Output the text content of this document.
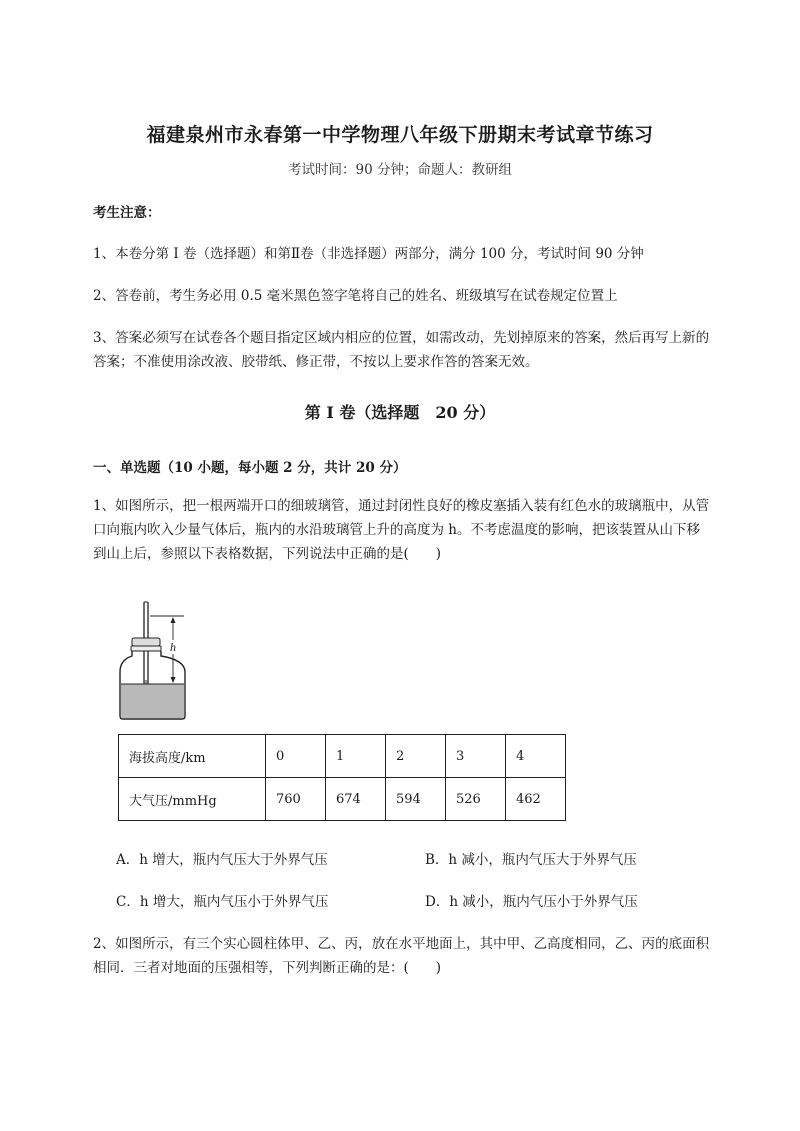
福建泉州市永春第一中学物理八年级下册期末考试章节练习
考试时间：90 分钟；命题人：教研组
考生注意：
1、本卷分第 I 卷（选择题）和第Ⅱ卷（非选择题）两部分，满分 100 分，考试时间 90 分钟
2、答卷前，考生务必用 0.5 毫米黑色签字笔将自己的姓名、班级填写在试卷规定位置上
3、答案必须写在试卷各个题目指定区域内相应的位置，如需改动，先划掉原来的答案，然后再写上新的答案；不准使用涂改液、胶带纸、修正带，不按以上要求作答的答案无效。
第 I 卷（选择题　20 分）
一、单选题（10 小题，每小题 2 分，共计 20 分）
1、如图所示，把一根两端开口的细玻璃管，通过封闭性良好的橡皮塞插入装有红色水的玻璃瓶中，从管口向瓶内吹入少量气体后，瓶内的水沿玻璃管上升的高度为 h。不考虑温度的影响，把该装置从山下移到山上后，参照以下表格数据，下列说法中正确的是(　　)
h
海拔高度/km	0	1	2	3	4
大气压/mmHg	760	674	594	526	462
A．h 增大，瓶内气压大于外界气压	B．h 减小，瓶内气压大于外界气压
C．h 增大，瓶内气压小于外界气压	D．h 减小，瓶内气压小于外界气压
2、如图所示，有三个实心圆柱体甲、乙、丙，放在水平地面上，其中甲、乙高度相同，乙、丙的底面积相同．三者对地面的压强相等，下列判断正确的是：(　　)
